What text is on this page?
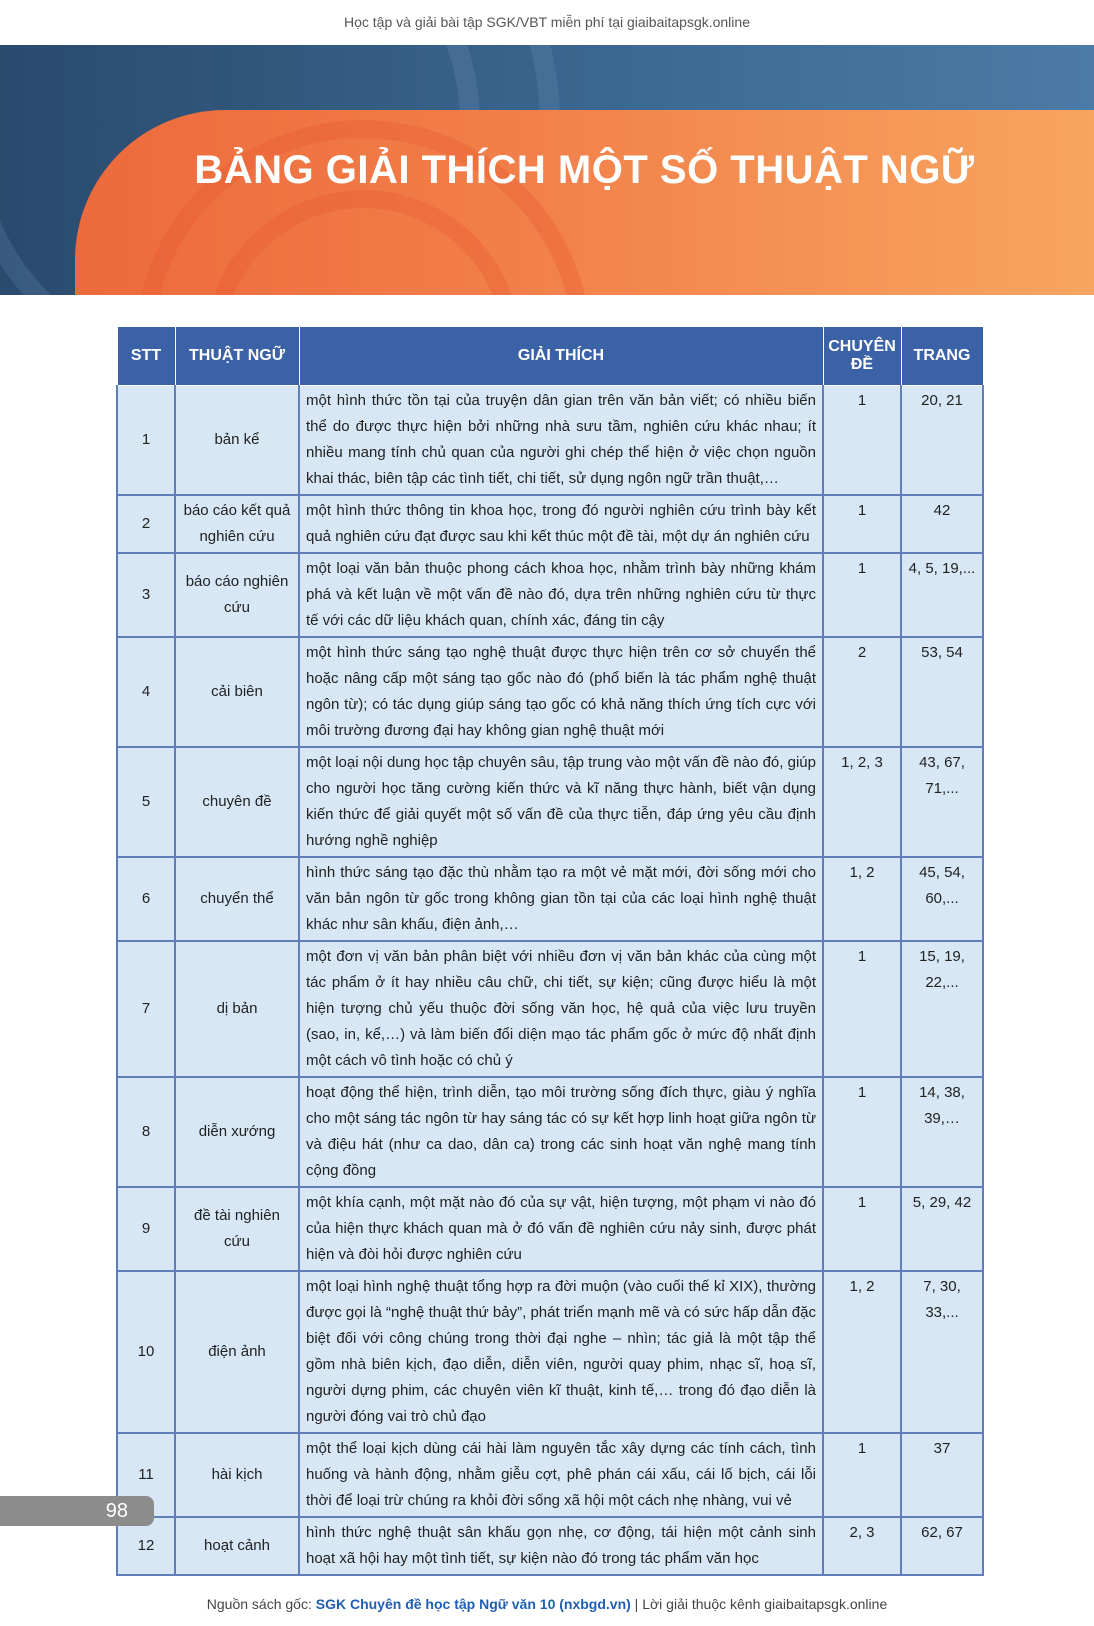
Học tập và giải bài tập SGK/VBT miễn phí tại giaibaitapsgk.online
BẢNG GIẢI THÍCH MỘT SỐ THUẬT NGỮ
STT	THUẬT NGỮ	GIẢI THÍCH	CHUYÊN ĐỀ	TRANG
1	bản kể	một hình thức tồn tại của truyện dân gian trên văn bản viết; có nhiều biến thể do được thực hiện bởi những nhà sưu tầm, nghiên cứu khác nhau; ít nhiều mang tính chủ quan của người ghi chép thể hiện ở việc chọn nguồn khai thác, biên tập các tình tiết, chi tiết, sử dụng ngôn ngữ trần thuật,…	1	20, 21
2	báo cáo kết quả nghiên cứu	một hình thức thông tin khoa học, trong đó người nghiên cứu trình bày kết quả nghiên cứu đạt được sau khi kết thúc một đề tài, một dự án nghiên cứu	1	42
3	báo cáo nghiên cứu	một loại văn bản thuộc phong cách khoa học, nhằm trình bày những khám phá và kết luận về một vấn đề nào đó, dựa trên những nghiên cứu từ thực tế với các dữ liệu khách quan, chính xác, đáng tin cậy	1	4, 5, 19,...
4	cải biên	một hình thức sáng tạo nghệ thuật được thực hiện trên cơ sở chuyển thể hoặc nâng cấp một sáng tạo gốc nào đó (phổ biến là tác phẩm nghệ thuật ngôn từ); có tác dụng giúp sáng tạo gốc có khả năng thích ứng tích cực với môi trường đương đại hay không gian nghệ thuật mới	2	53, 54
5	chuyên đề	một loại nội dung học tập chuyên sâu, tập trung vào một vấn đề nào đó, giúp cho người học tăng cường kiến thức và kĩ năng thực hành, biết vận dụng kiến thức để giải quyết một số vấn đề của thực tiễn, đáp ứng yêu cầu định hướng nghề nghiệp	1, 2, 3	43, 67, 71,...
6	chuyển thể	hình thức sáng tạo đặc thù nhằm tạo ra một vẻ mặt mới, đời sống mới cho văn bản ngôn từ gốc trong không gian tồn tại của các loại hình nghệ thuật khác như sân khấu, điện ảnh,…	1, 2	45, 54, 60,...
7	dị bản	một đơn vị văn bản phân biệt với nhiều đơn vị văn bản khác của cùng một tác phẩm ở ít hay nhiều câu chữ, chi tiết, sự kiện; cũng được hiểu là một hiện tượng chủ yếu thuộc đời sống văn học, hệ quả của việc lưu truyền (sao, in, kể,…) và làm biến đổi diện mạo tác phẩm gốc ở mức độ nhất định một cách vô tình hoặc có chủ ý	1	15, 19, 22,...
8	diễn xướng	hoạt động thể hiện, trình diễn, tạo môi trường sống đích thực, giàu ý nghĩa cho một sáng tác ngôn từ hay sáng tác có sự kết hợp linh hoạt giữa ngôn từ và điệu hát (như ca dao, dân ca) trong các sinh hoạt văn nghệ mang tính cộng đồng	1	14, 38, 39,…
9	đề tài nghiên cứu	một khía cạnh, một mặt nào đó của sự vật, hiện tượng, một phạm vi nào đó của hiện thực khách quan mà ở đó vấn đề nghiên cứu nảy sinh, được phát hiện và đòi hỏi được nghiên cứu	1	5, 29, 42
10	điện ảnh	một loại hình nghệ thuật tổng hợp ra đời muộn (vào cuối thế kỉ XIX), thường được gọi là “nghệ thuật thứ bảy”, phát triển mạnh mẽ và có sức hấp dẫn đặc biệt đối với công chúng trong thời đại nghe – nhìn; tác giả là một tập thể gồm nhà biên kịch, đạo diễn, diễn viên, người quay phim, nhạc sĩ, hoạ sĩ, người dựng phim, các chuyên viên kĩ thuật, kinh tế,… trong đó đạo diễn là người đóng vai trò chủ đạo	1, 2	7, 30, 33,...
11	hài kịch	một thể loại kịch dùng cái hài làm nguyên tắc xây dựng các tính cách, tình huống và hành động, nhằm giễu cợt, phê phán cái xấu, cái lố bịch, cái lỗi thời để loại trừ chúng ra khỏi đời sống xã hội một cách nhẹ nhàng, vui vẻ	1	37
12	hoạt cảnh	hình thức nghệ thuật sân khấu gọn nhẹ, cơ động, tái hiện một cảnh sinh hoạt xã hội hay một tình tiết, sự kiện nào đó trong tác phẩm văn học	2, 3	62, 67
98
Nguồn sách gốc: SGK Chuyên đề học tập Ngữ văn 10 (nxbgd.vn) | Lời giải thuộc kênh giaibaitapsgk.online
